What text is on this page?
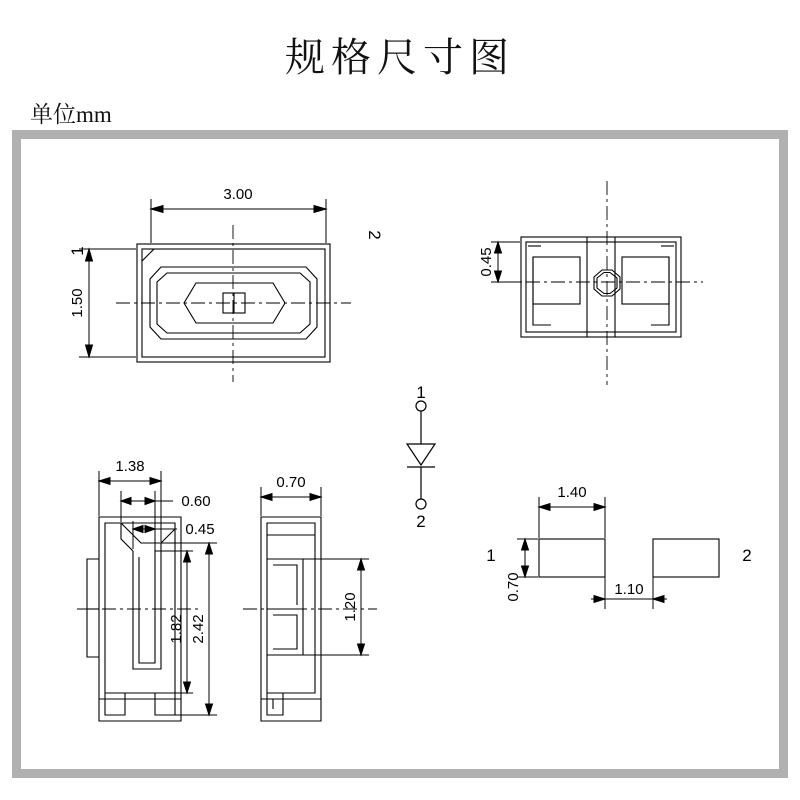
规格尺寸图
单位mm
3.00
1.50
1
2
0.45
1
2
1.38
0.60
0.45
2.42
1.82
0.70
1.20
1	2
1.40
1.10
0.70
